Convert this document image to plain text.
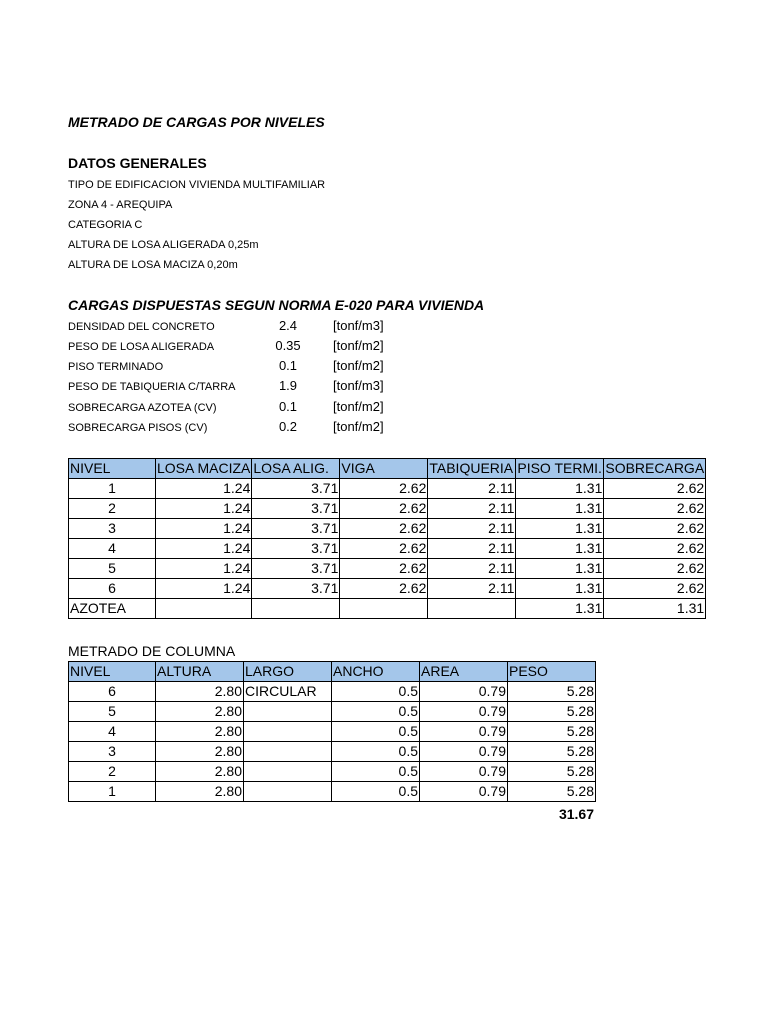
METRADO DE CARGAS POR NIVELES
DATOS GENERALES
TIPO DE EDIFICACION VIVIENDA MULTIFAMILIAR
ZONA 4 - AREQUIPA
CATEGORIA C
ALTURA DE LOSA ALIGERADA 0,25m
ALTURA DE LOSA MACIZA 0,20m
CARGAS DISPUESTAS SEGUN NORMA E-020 PARA VIVIENDA
DENSIDAD DEL CONCRETO	2.4	[tonf/m3]
PESO DE LOSA ALIGERADA	0.35	[tonf/m2]
PISO TERMINADO	0.1	[tonf/m2]
PESO DE TABIQUERIA C/TARRA	1.9	[tonf/m3]
SOBRECARGA AZOTEA (CV)	0.1	[tonf/m2]
SOBRECARGA PISOS (CV)	0.2	[tonf/m2]
NIVEL	LOSA MACIZA	LOSA ALIG.	VIGA	TABIQUERIA	PISO TERMI.	SOBRECARGA
1	1.24	3.71	2.62	2.11	1.31	2.62
2	1.24	3.71	2.62	2.11	1.31	2.62
3	1.24	3.71	2.62	2.11	1.31	2.62
4	1.24	3.71	2.62	2.11	1.31	2.62
5	1.24	3.71	2.62	2.11	1.31	2.62
6	1.24	3.71	2.62	2.11	1.31	2.62
AZOTEA					1.31	1.31
METRADO DE COLUMNA
NIVEL	ALTURA	LARGO	ANCHO	AREA	PESO
6	2.80	CIRCULAR	0.5	0.79	5.28
5	2.80		0.5	0.79	5.28
4	2.80		0.5	0.79	5.28
3	2.80		0.5	0.79	5.28
2	2.80		0.5	0.79	5.28
1	2.80		0.5	0.79	5.28
31.67
